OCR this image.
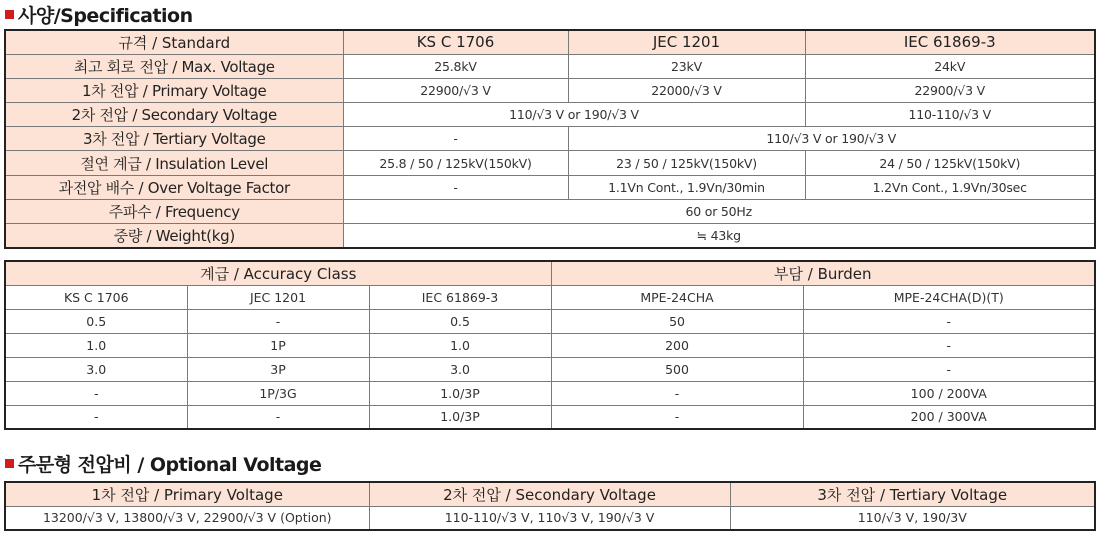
사양/Specification
규격 / Standard	KS C 1706	JEC 1201	IEC 61869-3
최고 회로 전압 / Max. Voltage	25.8kV	23kV	24kV
1차 전압 / Primary Voltage	22900/√3 V	22000/√3 V	22900/√3 V
2차 전압 / Secondary Voltage	110/√3 V or 190/√3 V		110-110/√3 V
3차 전압 / Tertiary Voltage	-	110/√3 V or 190/√3 V	
절연 계급 / Insulation Level	25.8 / 50 / 125kV(150kV)	23 / 50 / 125kV(150kV)	24 / 50 / 125kV(150kV)
과전압 배수 / Over Voltage Factor	-	1.1Vn Cont., 1.9Vn/30min	1.2Vn Cont., 1.9Vn/30sec
주파수 / Frequency	60 or 50Hz		
중량 / Weight(kg)	≒ 43kg		
계급 / Accuracy Class			부담 / Burden	
KS C 1706	JEC 1201	IEC 61869-3	MPE-24CHA	MPE-24CHA(D)(T)
0.5	-	0.5	50	-
1.0	1P	1.0	200	-
3.0	3P	3.0	500	-
-	1P/3G	1.0/3P	-	100 / 200VA
-	-	1.0/3P	-	200 / 300VA
주문형 전압비 / Optional Voltage
1차 전압 / Primary Voltage	2차 전압 / Secondary Voltage	3차 전압 / Tertiary Voltage
13200/√3 V, 13800/√3 V, 22900/√3 V (Option)	110-110/√3 V, 110√3 V, 190/√3 V	110/√3 V, 190/3V
